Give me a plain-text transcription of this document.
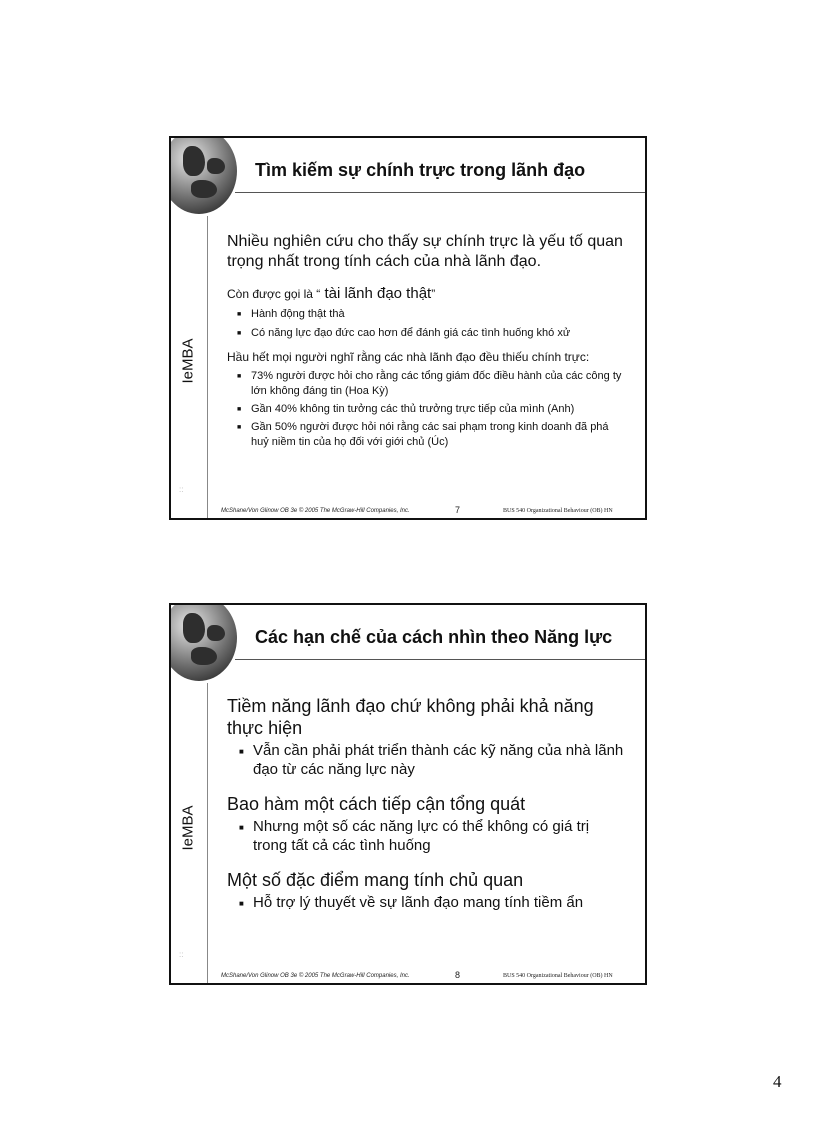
Tìm kiếm sự chính trực trong lãnh đạo
IeMBA
::

Nhiều nghiên cứu cho thấy sự chính trực là yếu tố quan trọng nhất trong tính cách của nhà lãnh đạo.

Còn được gọi là “ tài lãnh đạo thật”

■ Hành động thật thà

■ Có năng lực đạo đức cao hơn để đánh giá các tình huống khó xử

Hầu hết mọi người nghĩ rằng các nhà lãnh đạo đều thiếu chính trực:

■ 73% người được hỏi cho rằng các tổng giám đốc điều hành của các công ty lớn không đáng tin (Hoa Kỳ)

■ Gần 40% không tin tưởng các thủ trưởng trực tiếp của mình (Anh)

■ Gần 50% người được hỏi nói rằng các sai phạm trong kinh doanh đã phá huỷ niềm tin của họ đối với giới chủ (Úc)

McShane/Von Glinow OB 3e © 2005 The McGraw-Hill Companies, Inc.	7	BUS 540 Organizational Behaviour (OB) HN
Các hạn chế của cách nhìn theo Năng lực
IeMBA
::

Tiềm năng lãnh đạo chứ không phải khả năng thực hiện

■ Vẫn cần phải phát triển thành các kỹ năng của nhà lãnh đạo từ các năng lực này

Bao hàm một cách tiếp cận tổng quát

■ Nhưng một số các năng lực có thể không có giá trị trong tất cả các tình huống

Một số đặc điểm mang tính chủ quan

■ Hỗ trợ lý thuyết về sự lãnh đạo mang tính tiềm ẩn

McShane/Von Glinow OB 3e © 2005 The McGraw-Hill Companies, Inc.	8	BUS 540 Organizational Behaviour (OB) HN
4
